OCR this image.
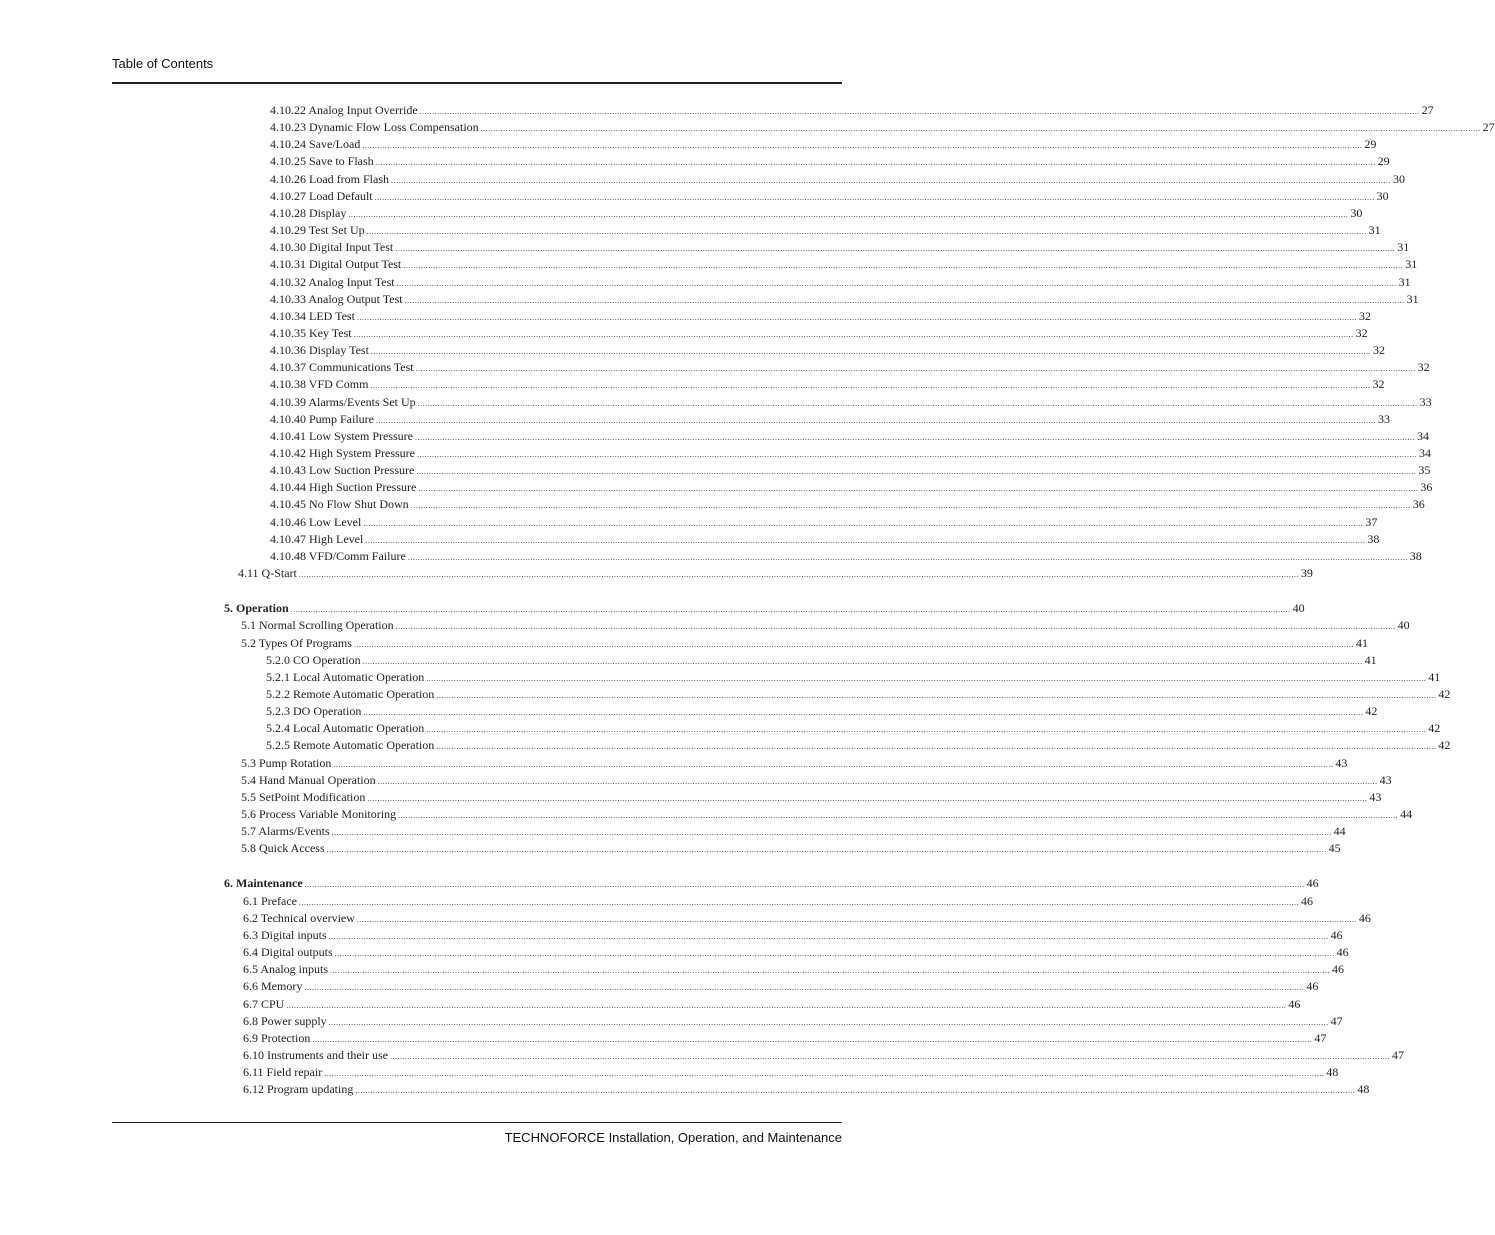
Table of Contents
4.10.22 Analog Input Override ................................................................................................................................................................................................................................................................................................................................................................................................................ 27
4.10.23 Dynamic Flow Loss Compensation ................................................................................................................................................................................................................................................................................................................................................................................................................ 27
4.10.24 Save/Load ................................................................................................................................................................................................................................................................................................................................................................................................................ 29
4.10.25 Save to Flash ................................................................................................................................................................................................................................................................................................................................................................................................................ 29
4.10.26 Load from Flash ................................................................................................................................................................................................................................................................................................................................................................................................................ 30
4.10.27 Load Default ................................................................................................................................................................................................................................................................................................................................................................................................................ 30
4.10.28 Display ................................................................................................................................................................................................................................................................................................................................................................................................................ 30
4.10.29 Test Set Up ................................................................................................................................................................................................................................................................................................................................................................................................................ 31
4.10.30 Digital Input Test ................................................................................................................................................................................................................................................................................................................................................................................................................ 31
4.10.31 Digital Output Test ................................................................................................................................................................................................................................................................................................................................................................................................................ 31
4.10.32 Analog Input Test ................................................................................................................................................................................................................................................................................................................................................................................................................ 31
4.10.33 Analog Output Test ................................................................................................................................................................................................................................................................................................................................................................................................................ 31
4.10.34 LED Test ................................................................................................................................................................................................................................................................................................................................................................................................................ 32
4.10.35 Key Test ................................................................................................................................................................................................................................................................................................................................................................................................................ 32
4.10.36 Display Test ................................................................................................................................................................................................................................................................................................................................................................................................................ 32
4.10.37 Communications Test ................................................................................................................................................................................................................................................................................................................................................................................................................ 32
4.10.38 VFD Comm ................................................................................................................................................................................................................................................................................................................................................................................................................ 32
4.10.39 Alarms/Events Set Up ................................................................................................................................................................................................................................................................................................................................................................................................................ 33
4.10.40 Pump Failure ................................................................................................................................................................................................................................................................................................................................................................................................................ 33
4.10.41 Low System Pressure ................................................................................................................................................................................................................................................................................................................................................................................................................ 34
4.10.42 High System Pressure ................................................................................................................................................................................................................................................................................................................................................................................................................ 34
4.10.43 Low Suction Pressure ................................................................................................................................................................................................................................................................................................................................................................................................................ 35
4.10.44 High Suction Pressure ................................................................................................................................................................................................................................................................................................................................................................................................................ 36
4.10.45 No Flow Shut Down ................................................................................................................................................................................................................................................................................................................................................................................................................ 36
4.10.46 Low Level ................................................................................................................................................................................................................................................................................................................................................................................................................ 37
4.10.47 High Level ................................................................................................................................................................................................................................................................................................................................................................................................................ 38
4.10.48 VFD/Comm Failure ................................................................................................................................................................................................................................................................................................................................................................................................................ 38
4.11 Q-Start ................................................................................................................................................................................................................................................................................................................................................................................................................ 39
5. Operation ................................................................................................................................................................................................................................................................................................................................................................................................................ 40
5.1 Normal Scrolling Operation ................................................................................................................................................................................................................................................................................................................................................................................................................ 40
5.2 Types Of Programs ................................................................................................................................................................................................................................................................................................................................................................................................................ 41
5.2.0 CO Operation ................................................................................................................................................................................................................................................................................................................................................................................................................ 41
5.2.1 Local Automatic Operation ................................................................................................................................................................................................................................................................................................................................................................................................................ 41
5.2.2 Remote Automatic Operation ................................................................................................................................................................................................................................................................................................................................................................................................................ 42
5.2.3 DO Operation ................................................................................................................................................................................................................................................................................................................................................................................................................ 42
5.2.4 Local Automatic Operation ................................................................................................................................................................................................................................................................................................................................................................................................................ 42
5.2.5 Remote Automatic Operation ................................................................................................................................................................................................................................................................................................................................................................................................................ 42
5.3 Pump Rotation ................................................................................................................................................................................................................................................................................................................................................................................................................ 43
5.4 Hand Manual Operation ................................................................................................................................................................................................................................................................................................................................................................................................................ 43
5.5 SetPoint Modification ................................................................................................................................................................................................................................................................................................................................................................................................................ 43
5.6 Process Variable Monitoring ................................................................................................................................................................................................................................................................................................................................................................................................................ 44
5.7 Alarms/Events ................................................................................................................................................................................................................................................................................................................................................................................................................ 44
5.8 Quick Access ................................................................................................................................................................................................................................................................................................................................................................................................................ 45
6. Maintenance ................................................................................................................................................................................................................................................................................................................................................................................................................ 46
6.1 Preface ................................................................................................................................................................................................................................................................................................................................................................................................................ 46
6.2 Technical overview ................................................................................................................................................................................................................................................................................................................................................................................................................ 46
6.3 Digital inputs ................................................................................................................................................................................................................................................................................................................................................................................................................ 46
6.4 Digital outputs ................................................................................................................................................................................................................................................................................................................................................................................................................ 46
6.5 Analog inputs ................................................................................................................................................................................................................................................................................................................................................................................................................ 46
6.6 Memory ................................................................................................................................................................................................................................................................................................................................................................................................................ 46
6.7 CPU ................................................................................................................................................................................................................................................................................................................................................................................................................ 46
6.8 Power supply ................................................................................................................................................................................................................................................................................................................................................................................................................ 47
6.9 Protection ................................................................................................................................................................................................................................................................................................................................................................................................................ 47
6.10 Instruments and their use ................................................................................................................................................................................................................................................................................................................................................................................................................ 47
6.11 Field repair ................................................................................................................................................................................................................................................................................................................................................................................................................ 48
6.12 Program updating ................................................................................................................................................................................................................................................................................................................................................................................................................ 48
TECHNOFORCE Installation, Operation, and Maintenance
